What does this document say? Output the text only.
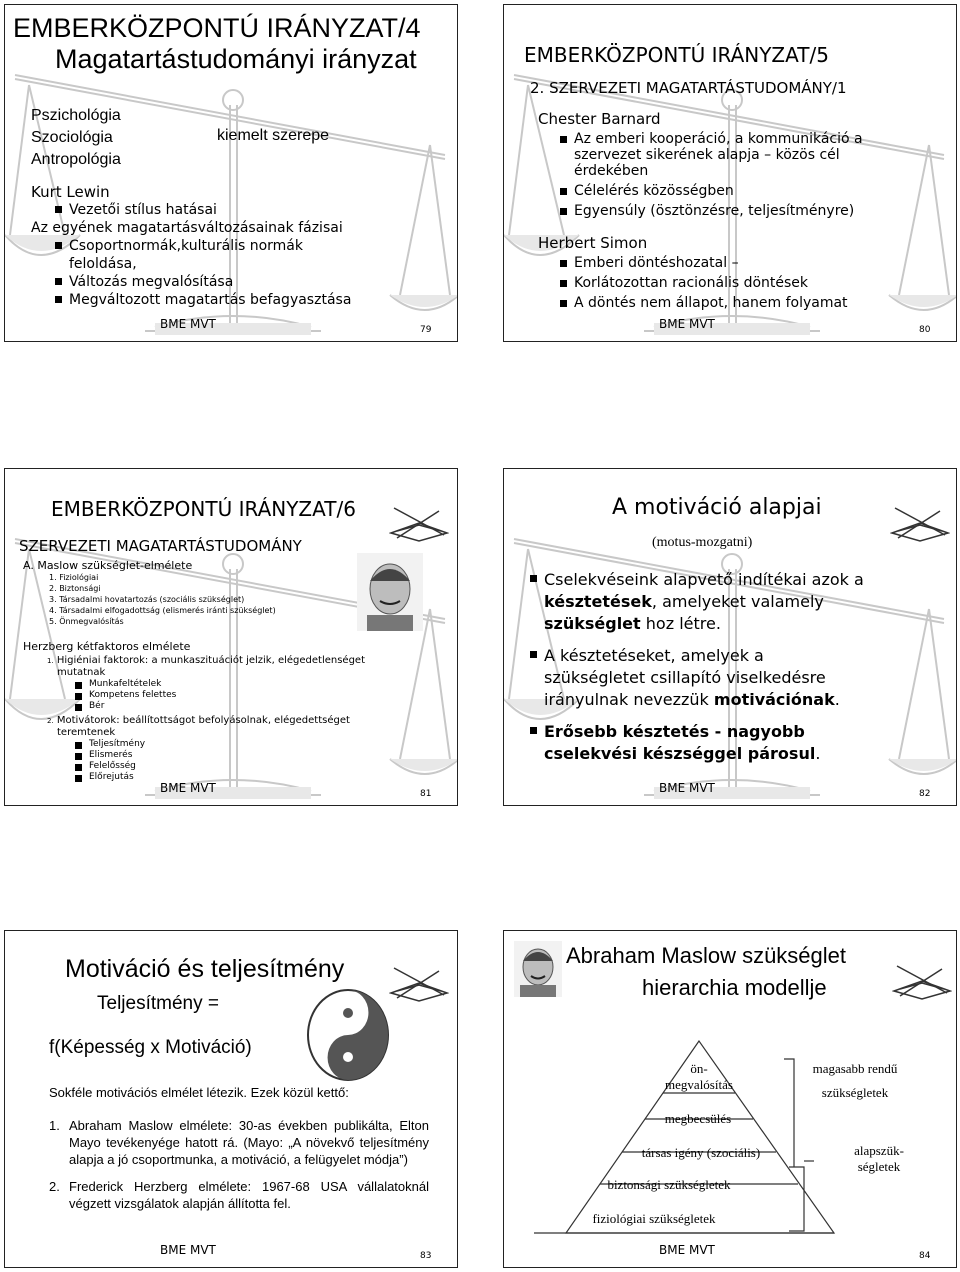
EMBERKÖZPONTÚ IRÁNYZAT/4
Magatartástudományi irányzat
Pszichológia
Szociológia
Antropológia
kiemelt szerepe
Kurt Lewin
Vezetői stílus hatásai
Az egyének magatartásváltozásainak fázisai
Csoportnormák,kulturális normák
feloldása,
Változás megvalósítása
Megváltozott magatartás befagyasztása
BME MVT	79
EMBERKÖZPONTÚ IRÁNYZAT/5
2. SZERVEZETI MAGATARTÁSTUDOMÁNY/1
Chester Barnard
Az emberi kooperáció, a kommunikáció a
szervezet sikerének alapja – közös cél
érdekében
Célelérés közösségben
Egyensúly (ösztönzésre, teljesítményre)
Herbert Simon
Emberi döntéshozatal –
Korlátozottan racionális döntések
A döntés nem állapot, hanem folyamat
BME MVT	80
EMBERKÖZPONTÚ IRÁNYZAT/6
SZERVEZETI MAGATARTÁSTUDOMÁNY
A. Maslow szükséglet-elmélete
1. Fiziológiai
2. Biztonsági
3. Társadalmi hovatartozás (szociális szükséglet)
4. Társadalmi elfogadottság (elismerés iránti szükséglet)
5. Önmegvalósítás
Herzberg kétfaktoros elmélete
1. Higiéniai faktorok: a munkaszituációt jelzik, elégedetlenséget
mutatnak
Munkafeltételek
Kompetens felettes
Bér
2. Motivátorok: beállítottságot befolyásolnak, elégedettséget
teremtenek
Teljesítmény
Elismerés
Felelősség
Előrejutás
BME MVT	81
A motiváció alapjai
(motus-mozgatni)
Cselekvéseink alapvető indítékai azok a
késztetések, amelyeket valamely
szükséglet hoz létre.
A késztetéseket, amelyek a
szükségletet csillapító viselkedésre
irányulnak nevezzük motivációnak.
Erősebb késztetés - nagyobb
cselekvési készséggel párosul.
BME MVT	82
Motiváció és teljesítmény
Teljesítmény =
f(Képesség x Motiváció)
Sokféle motivációs elmélet létezik. Ezek közül kettő:
1. Abraham Maslow elmélete: 30-as években publikálta, Elton Mayo tevékenyége hatott rá. (Mayo: „A növekvő teljesítmény alapja a jó csoportmunka, a motiváció, a felügyelet módja”)
2. Frederick Herzberg elmélete: 1967-68 USA vállalatoknál végzett vizsgálatok alapján állította fel.
BME MVT	83
Abraham Maslow szükséglet
hierarchia modellje
ön-
megvalósítás
megbecsülés
társas igény (szociális)
biztonsági szükségletek
fiziológiai szükségletek
magasabb rendű
szükségletek
alapszük-
ségletek
BME MVT	84
